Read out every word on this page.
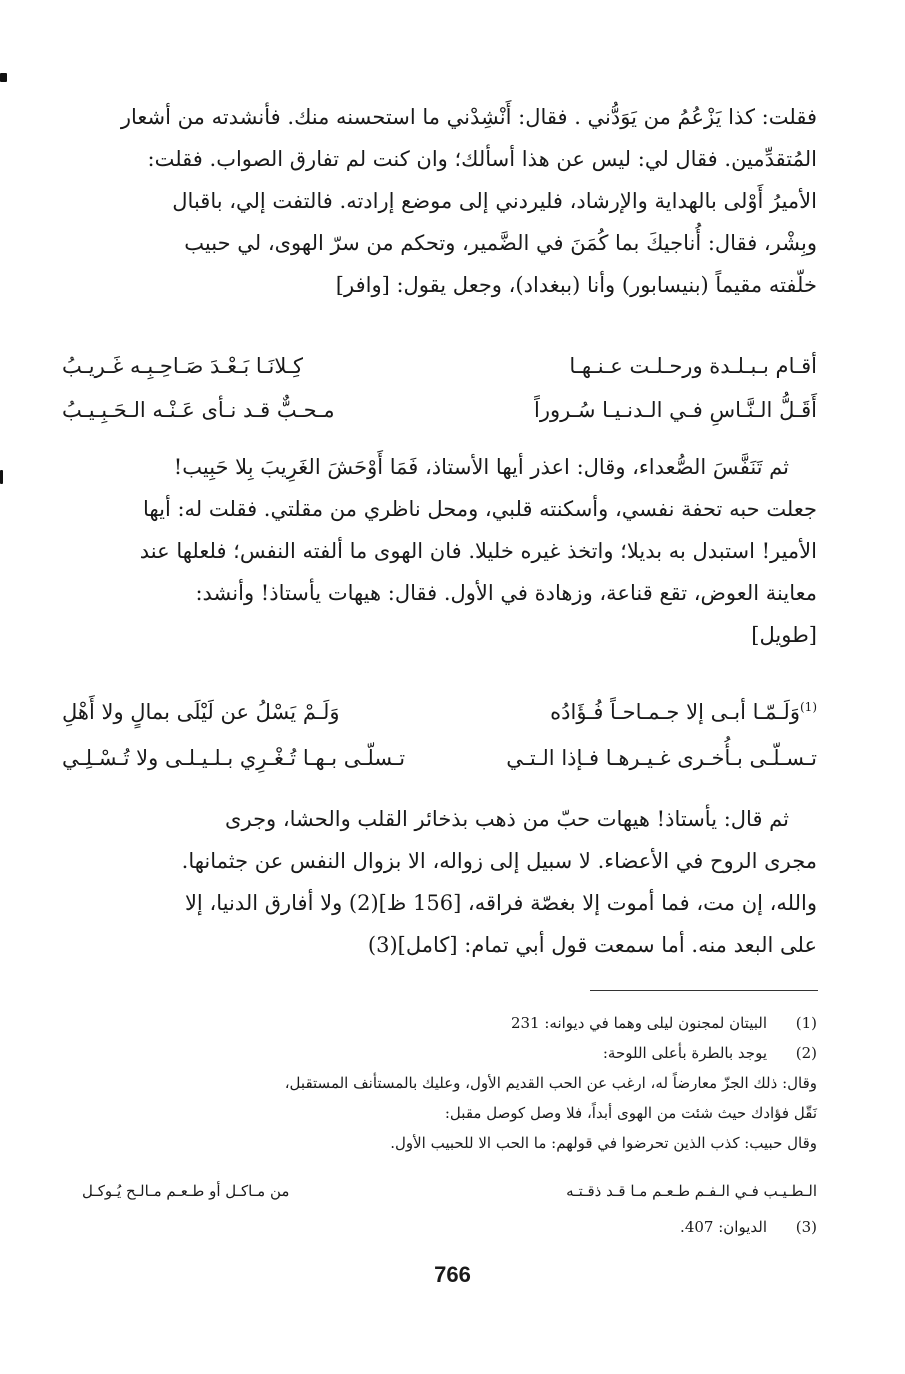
فقلت: كذا يَزْعُمُ من يَوَدُّني . فقال: أَنْشِدْني ما استحسنه منك. فأنشدته من أشعار
المُتقدِّمين. فقال لي: ليس عن هذا أسألك؛ وان كنت لم تفارق الصواب. فقلت:
الأميرُ أَوْلى بالهداية والإرشاد، فليردني إلى موضع إرادته. فالتفت إلي، باقبال
وبِشْر، فقال: أُناجيكَ بما كُمَنَ في الضَّمير، وتحكم من سرّ الهوى، لي حبيب
خلّفته مقيماً (بنيسابور) وأنا (ببغداد)، وجعل يقول: [وافر]
أقـام بـبـلـدة ورحـلـت عـنـهـا
كِـلانَـا بَـعْـدَ صَـاحِـبِـه غَـريـبُ
أَقَـلُّ الـنَّـاسِ فـي الـدنـيـا سُـروراً
مـحـبٌّ قـد نـأى عَـنْـه الـحَـبِـيـبُ
ثم تَنَفَّسَ الصُّعداء، وقال: اعذر أيها الأستاذ، فَمَا أَوْحَشَ الغَرِيبَ بِلا حَبِيب!
جعلت حبه تحفة نفسي، وأسكنته قلبي، ومحل ناظري من مقلتي. فقلت له: أيها
الأمير! استبدل به بديلا؛ واتخذ غيره خليلا. فان الهوى ما ألفته النفس؛ فلعلها عند
معاينة العوض، تقع قناعة، وزهادة في الأول. فقال: هيهات يأستاذ! وأنشد:
[طويل]
$^{(1)}$وَلَـمّـا أبـى إلا جـمـاحـاً فُـؤَادُه
وَلَـمْ يَسْلُ عن لَيْلَى بمالٍ ولا أَهْلِ
تـسـلّـى بـأُخـرى غـيـرهـا فـإذا الـتـي
تـسلّـى بـهـا تُـغْـرِي بـلـيـلـى ولا تُـسْـلِـي
ثم قال: يأستاذ! هيهات حبّ من ذهب بذخائر القلب والحشا، وجرى
مجرى الروح في الأعضاء. لا سبيل إلى زواله، الا بزوال النفس عن جثمانها.
والله، إن مت، فما أموت إلا بغصّة فراقه، [156 ظ](2) ولا أفارق الدنيا، إلا
على البعد منه. أما سمعت قول أبي تمام: [كامل](3)
(1)
البيتان لمجنون ليلى وهما في ديوانه: 231
(2)
يوجد بالطرة بأعلى اللوحة:
وقال: ذلك الجزّ معارضاً له، ارغب عن الحب القديم الأول، وعليك بالمستأنف المستقبل،
نَقّل فؤادك حيث شئت من الهوى أبداً، فلا وصل كوصل مقبل:
وقال حبيب: كذب الذين تحرضوا في قولهم: ما الحب الا للحبيب الأول.
الـطـيـب فـي الـفـم طـعـم مـا قـد ذقـتـه
من مـاكـل أو طـعـم مـالـح يُـوكـل
(3)
الديوان: 407.
766
